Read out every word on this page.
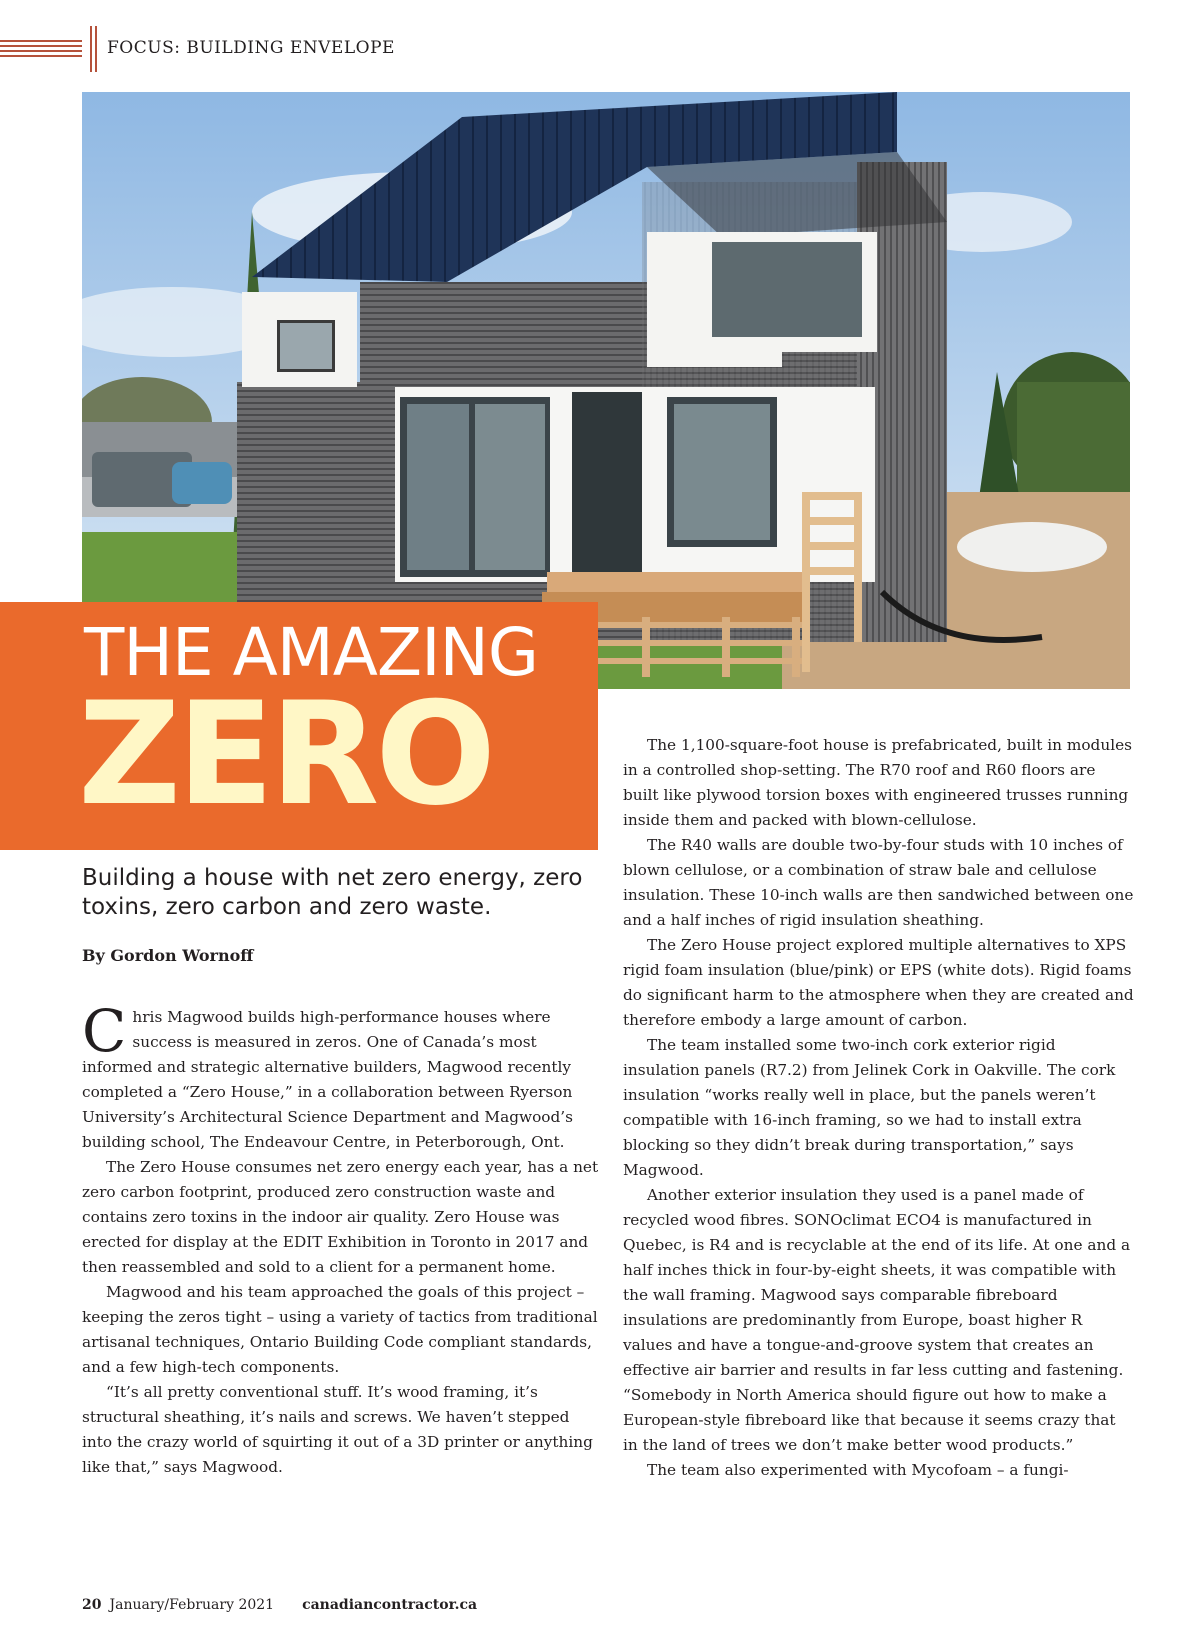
FOCUS: BUILDING ENVELOPE
THE AMAZING
ZERO
Building a house with net zero energy, zero toxins, zero carbon and zero waste.
By Gordon Wornoff

Chris Magwood builds high-performance houses where success is measured in zeros. One of Canada’s most informed and strategic alternative builders, Magwood recently completed a “Zero House,” in a collaboration between Ryerson University’s Architectural Science Department and Magwood’s building school, The Endeavour Centre, in Peterborough, Ont.

The Zero House consumes net zero energy each year, has a net zero carbon footprint, produced zero construction waste and contains zero toxins in the indoor air quality. Zero House was erected for display at the EDIT Exhibition in Toronto in 2017 and then reassembled and sold to a client for a permanent home.

Magwood and his team approached the goals of this project – keeping the zeros tight – using a variety of tactics from traditional artisanal techniques, Ontario Building Code compliant standards, and a few high-tech components.

“It’s all pretty conventional stuff. It’s wood framing, it’s structural sheathing, it’s nails and screws. We haven’t stepped into the crazy world of squirting it out of a 3D printer or anything like that,” says Magwood.

The 1,100-square-foot house is prefabricated, built in modules in a controlled shop-setting. The R70 roof and R60 floors are built like plywood torsion boxes with engineered trusses running inside them and packed with blown-cellulose.

The R40 walls are double two-by-four studs with 10 inches of blown cellulose, or a combination of straw bale and cellulose insulation. These 10-inch walls are then sandwiched between one and a half inches of rigid insulation sheathing.

The Zero House project explored multiple alternatives to XPS rigid foam insulation (blue/pink) or EPS (white dots). Rigid foams do significant harm to the atmosphere when they are created and therefore embody a large amount of carbon.

The team installed some two-inch cork exterior rigid insulation panels (R7.2) from Jelinek Cork in Oakville. The cork insulation “works really well in place, but the panels weren’t compatible with 16-inch framing, so we had to install extra blocking so they didn’t break during transportation,” says Magwood.

Another exterior insulation they used is a panel made of recycled wood fibres. SONOclimat ECO4 is manufactured in Quebec, is R4 and is recyclable at the end of its life. At one and a half inches thick in four-by-eight sheets, it was compatible with the wall framing. Magwood says comparable fibreboard insulations are predominantly from Europe, boast higher R values and have a tongue-and-groove system that creates an effective air barrier and results in far less cutting and fastening. “Somebody in North America should figure out how to make a European-style fibreboard like that because it seems crazy that in the land of trees we don’t make better wood products.”

The team also experimented with Mycofoam – a fungi-

20 January/February 2021 canadiancontractor.ca
